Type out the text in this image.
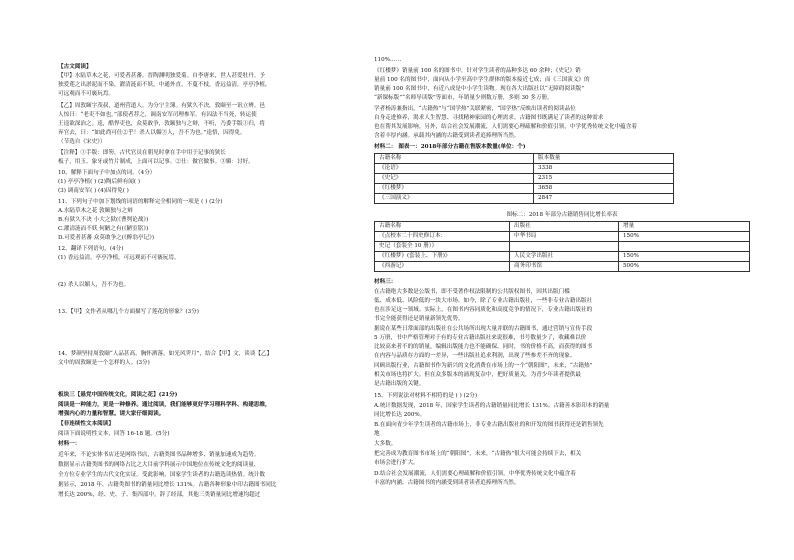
【古文阅读】
【甲】水陆草木之花，可爱者甚蕃。晋陶渊明独爱菊。自李唐来，世人甚爱牡丹。予
独爱莲之出淤泥而不染，濯清涟而不妖，中通外直，不蔓不枝，香远益清，亭亭净植，
可远观而不可亵玩焉。
【乙】周敦颐字茂叔，道州营道人。为分宁主簿。有狱久不决，敦颐至一讯立辨。邑
人惊曰：“老吏不如也。”部使者荐之，调南安军司理参军。有囚法不当死，转运使
王逵欲深治之。逵，酷悍吏也，众莫敢争，敦颐独与之辩，不听，乃委手版①归，将
弃官去，曰：“如此尚可仕②乎！杀人以媚③人，吾不为也。”逵悟，囚得免。
（节选自《宋史》）
【注释】①手版：即笏，古代官员在朝见时拿在手中用于记事的狭长
板子，用玉、象牙或竹片制成，上面可以记事。②仕：做官做事。③媚：讨好。
10、解释下面句子中加点的词。（4分）
(1) 亭亭净植( ) (2)陶后鲜有闻( )
(3) 调南安军( ) (4)囚得免( )
11、下列句子中加下划线的词语的解释完全相同的一项是 ( ) (2分)
A.水陆草木之花 敦颐独与之辩
B.有狱久不决 小大之狱(《曹刿论战》)
C.濯清涟而不妖 何陋之有(《陋室铭》)
D.可爱者甚蕃 众莫敢争之(《醉翁亭记》)
12、翻译下列语句。(4分)
(1) 香远益清，亭亭净植，可远观而不可亵玩焉。
(2) 杀人以媚人，吾不为也。
13、【甲】文作者从哪几个方面描写了莲花的形象？(3分)
14、梦颜坚持周敦颐“人品甚高，胸怀洒落，如光风霁月”，结合【甲】文，谈谈【乙】
文中的周敦颐是一个怎样的人。(3分)
板块三【悬党中国传统文化，阅读之花】(21分)
阅读是一种能力，更是一种修养。通过阅读，我们能够更好学习理科学科、构建思维，
增强内心的力量和智慧。请大家仔细阅读。
【非连续性文本阅读】
阅读下面说明性文本，回答 16-18 题。(5分)
材料一：
近年来，不论实体书店还是网络书店，古籍类图书品种增多、销量加速成为趋势。
数据显示古籍类图书的网络占比之大目前学科展示中国地位在传统文化的阅读量、
全方位专业学生的古代文化实证。受此影响，国家学生读者的古籍选读热情。统计数
据显示，2018 年，古籍类图书的销量同比增长 131%。古籍各种形象中印古籍图书同比
增长达 200%，经、史、子、集四部中，辞了经部，其他三类销量同比增速均超过
110%……
《红楼梦》销量前 100 名的图书中，针对学生读者的品种多达 60 余种；《史记》销
量前 100 名的图书中，面向从小学至高中学生群体的版本接近七成；而《三国演义》的
销量前 100 名图书中，有近八成是中小学生读物。现在各大出版社以“无障碍阅读版”
“新课标版”“名师导读版”等面市，年销量少则数万册，多则 30 多万册。
学者杨涛兼指出，“古籍热”与“国学热”关联紧密，“国学热”反映出读者的阅读品位
自身走进修养，渴求人生智慧、寻找精神家园的心理需求。古籍图书既满足了读者的这种需求
也在帮其发展影响。另外，结合社会发展潮流，人们需要心理疏解和价值引领，中学优秀传统文化中蕴含着
含着丰厚内涵。承载其内涵的古籍受到读者追捧理所当然。
材料二： 图表一：2018年部分古籍在售版本数量(单位：个)
古籍名称	版本数量
《论语》	3338
《史记》	2315
《红楼梦》	3658
《三国演义》	2847
图标二：2018 年部分古籍销售同比增长率表
古籍名称	出版社	增量
《点校本二十四史修订本：	中华书局	150%
史记（套装全 10 册）》		
《红楼梦》(套装上、下册)》	人民文学出版社	150%
《西游记》	商务印书馆	500%
材料三：
在古籍绝大多数是公版书，即不受著作权法限制的公共版权图书，因其出版门槛
低、成本低、风险低的一块大市场。如今，除了专业古籍出版社，一些非专业古籍出版社
也在涉足这一领域。实际上，在图书内容同质化和高度竞争的情况下，专业古籍出版社的
书完全能获得还是销量新领先优势。
据说在某些日常面部的出版社在公共场所出现大量并联的古籍图书，通过营销与宣传手段
5 万册，书中严格管理对于有的专业古籍出版社来说很难，书号数量少了，收藏难以价
比较高来者不的的销量，编辑出版能力也不能确保。同时，书的价格不高，而获得的图书
在内容与品质存方面的一差异，一些出版社追求利润，出现了些参差不齐的现象。
回顾出版行业，古籍图书作为新兴的文化消费在市场上的一个“朝阳图”，未来，“古籍热”
相关市场也将扩大。但在众多版本的涌现复杂中，把好质量关，为青少年读者提供最
是古籍出版的关键。
15、下列说法对材料不相符的是 ( ) (2分)
A.统计数据发现，2018 年，国家学生读者的古籍销量同比增长 131%。古籍善本影印本的销量
同比增长达 200%。
B.在面向青少年学生读者的古籍市场上，非专业古籍出版社的和开发的图书获得还是销售领先
地
大多数。
把完善成为教育图书市场上的“朝阳图”，未来，“古籍热”很大可能会持续下去，相关
市场会进行扩大。
D.结合社会发展潮流，人们需要心理疏解和价值引领，中华优秀传统文化中蕴含着
丰富的内涵，古籍图书的内涵受到读者读者追捧理所当然。
